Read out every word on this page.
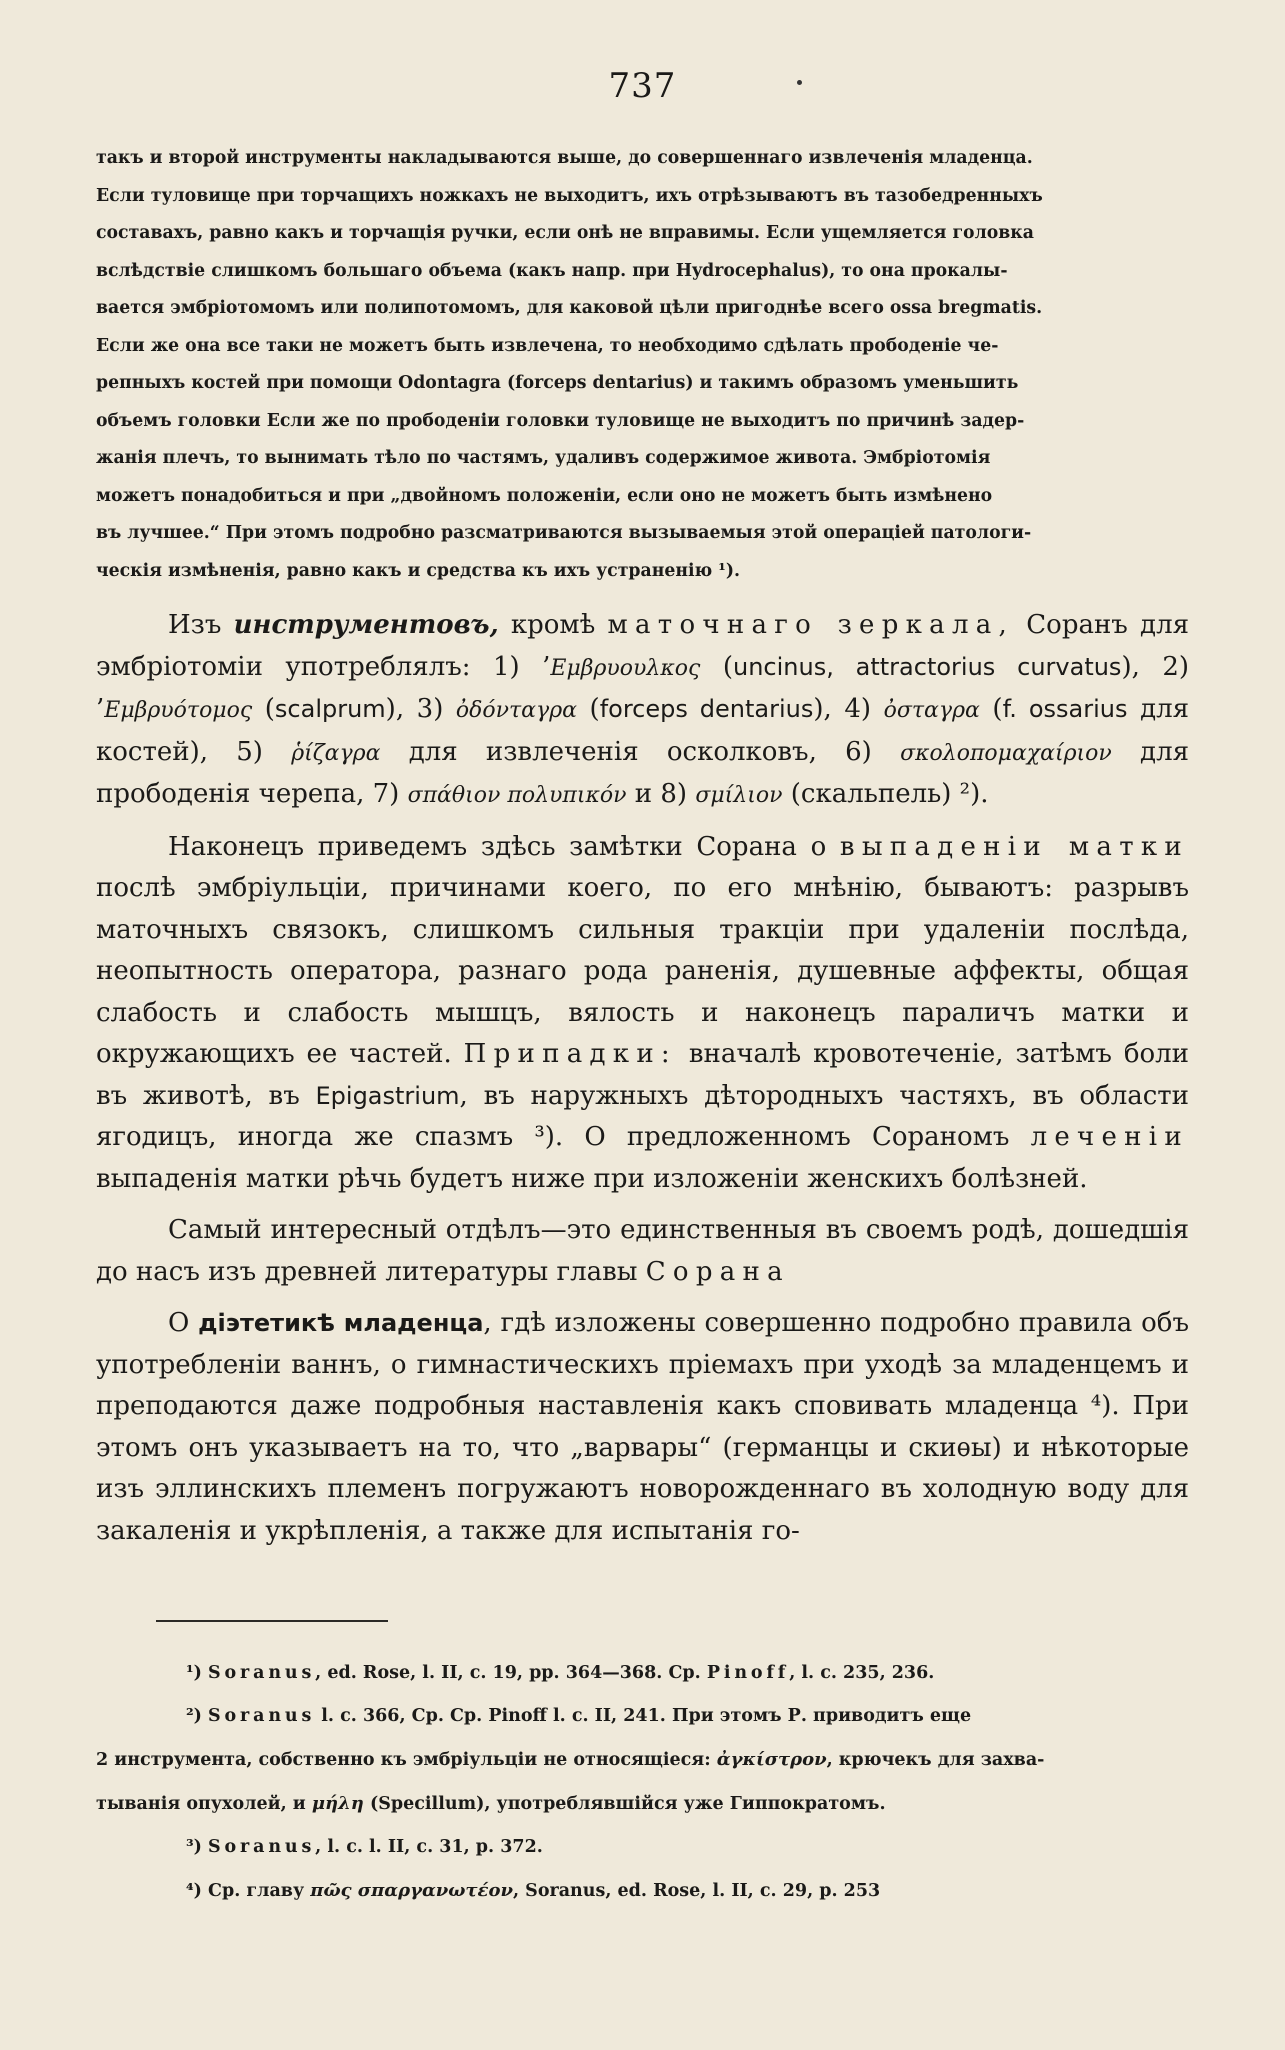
737

такъ и второй инструменты накладываются выше, до совершеннаго извлеченія младенца.

Если туловище при торчащихъ ножкахъ не выходитъ, ихъ отрѣзываютъ въ тазобедренныхъ

составахъ, равно какъ и торчащія ручки, если онѣ не вправимы. Если ущемляется головка

вслѣдствіе слишкомъ большаго объема (какъ напр. при Hydrocephalus), то она прокалы-

вается эмбріотомомъ или полипотомомъ, для каковой цѣли пригоднѣе всего ossa bregmatis.

Если же она все таки не можетъ быть извлечена, то необходимо сдѣлать прободеніе че-

репныхъ костей при помощи Odontagra (forceps dentarius) и такимъ образомъ уменьшить

объемъ головки Если же по прободеніи головки туловище не выходитъ по причинѣ задер-

жанія плечъ, то вынимать тѣло по частямъ, удаливъ содержимое живота. Эмбріотомія

можетъ понадобиться и при „двойномъ положеніи, если оно не можетъ быть измѣнено

въ лучшее.“ При этомъ подробно разсматриваются вызываемыя этой операціей патологи-

ческія измѣненія, равно какъ и средства къ ихъ устраненію ¹).

Изъ инструментовъ, кромѣ маточнаго зеркала, Соранъ для эмбріотоміи употреблялъ: 1) ’Εμβρυουλκος (uncinus, attractorius curvatus), 2) ’Εμβρυότομος (scalprum), 3) ὀδόνταγρα (forceps dentarius), 4) ὀσταγρα (f. ossarius для костей), 5) ῥίζαγρα для извлеченія осколковъ, 6) σκολοπομαχαίριον для прободенія черепа, 7) σπάθιον πολυπικόν и 8) σμίλιον (скальпель) ²).

Наконецъ приведемъ здѣсь замѣтки Сорана о выпаденіи матки послѣ эмбріульціи, причинами коего, по его мнѣнію, бываютъ: разрывъ маточныхъ связокъ, слишкомъ сильныя тракціи при удаленіи послѣда, неопытность оператора, разнаго рода раненія, душевные аффекты, общая слабость и слабость мышцъ, вялость и наконецъ параличъ матки и окружающихъ ее частей. Припадки: вначалѣ кровотеченіе, затѣмъ боли въ животѣ, въ Epigastrium, въ наружныхъ дѣтородныхъ частяхъ, въ области ягодицъ, иногда же спазмъ ³). О предложенномъ Сораномъ леченіи выпаденія матки рѣчь будетъ ниже при изложеніи женскихъ болѣзней.

Самый интересный отдѣлъ—это единственныя въ своемъ родѣ, дошедшія до насъ изъ древней литературы главы Сорана

О діэтетикѣ младенца, гдѣ изложены совершенно подробно правила объ употребленіи ваннъ, о гимнастическихъ пріемахъ при уходѣ за младенцемъ и преподаются даже подробныя наставленія какъ сповивать младенца ⁴). При этомъ онъ указываетъ на то, что „варвары“ (германцы и скиѳы) и нѣкоторые изъ эллинскихъ племенъ погружаютъ новорожденнаго въ холодную воду для закаленія и укрѣпленія, а также для испытанія го-

¹) Soranus, ed. Rose, l. II, c. 19, pp. 364—368. Cp. Pinoff, l. c. 235, 236.

²) Soranus l. c. 366, Cp. Cp. Pinoff l. c. II, 241. При этомъ Р. приводитъ еще

2 инструмента, собственно къ эмбріульціи не относящіеся: ἀγκίστρον, крючекъ для захва-

тыванія опухолей, и μήλη (Specillum), употреблявшійся уже Гиппократомъ.

³) Soranus, l. c. l. II, c. 31, p. 372.

⁴) Cp. главу πῶς σπαργανωτέον, Soranus, ed. Rose, l. II, c. 29, p. 253
